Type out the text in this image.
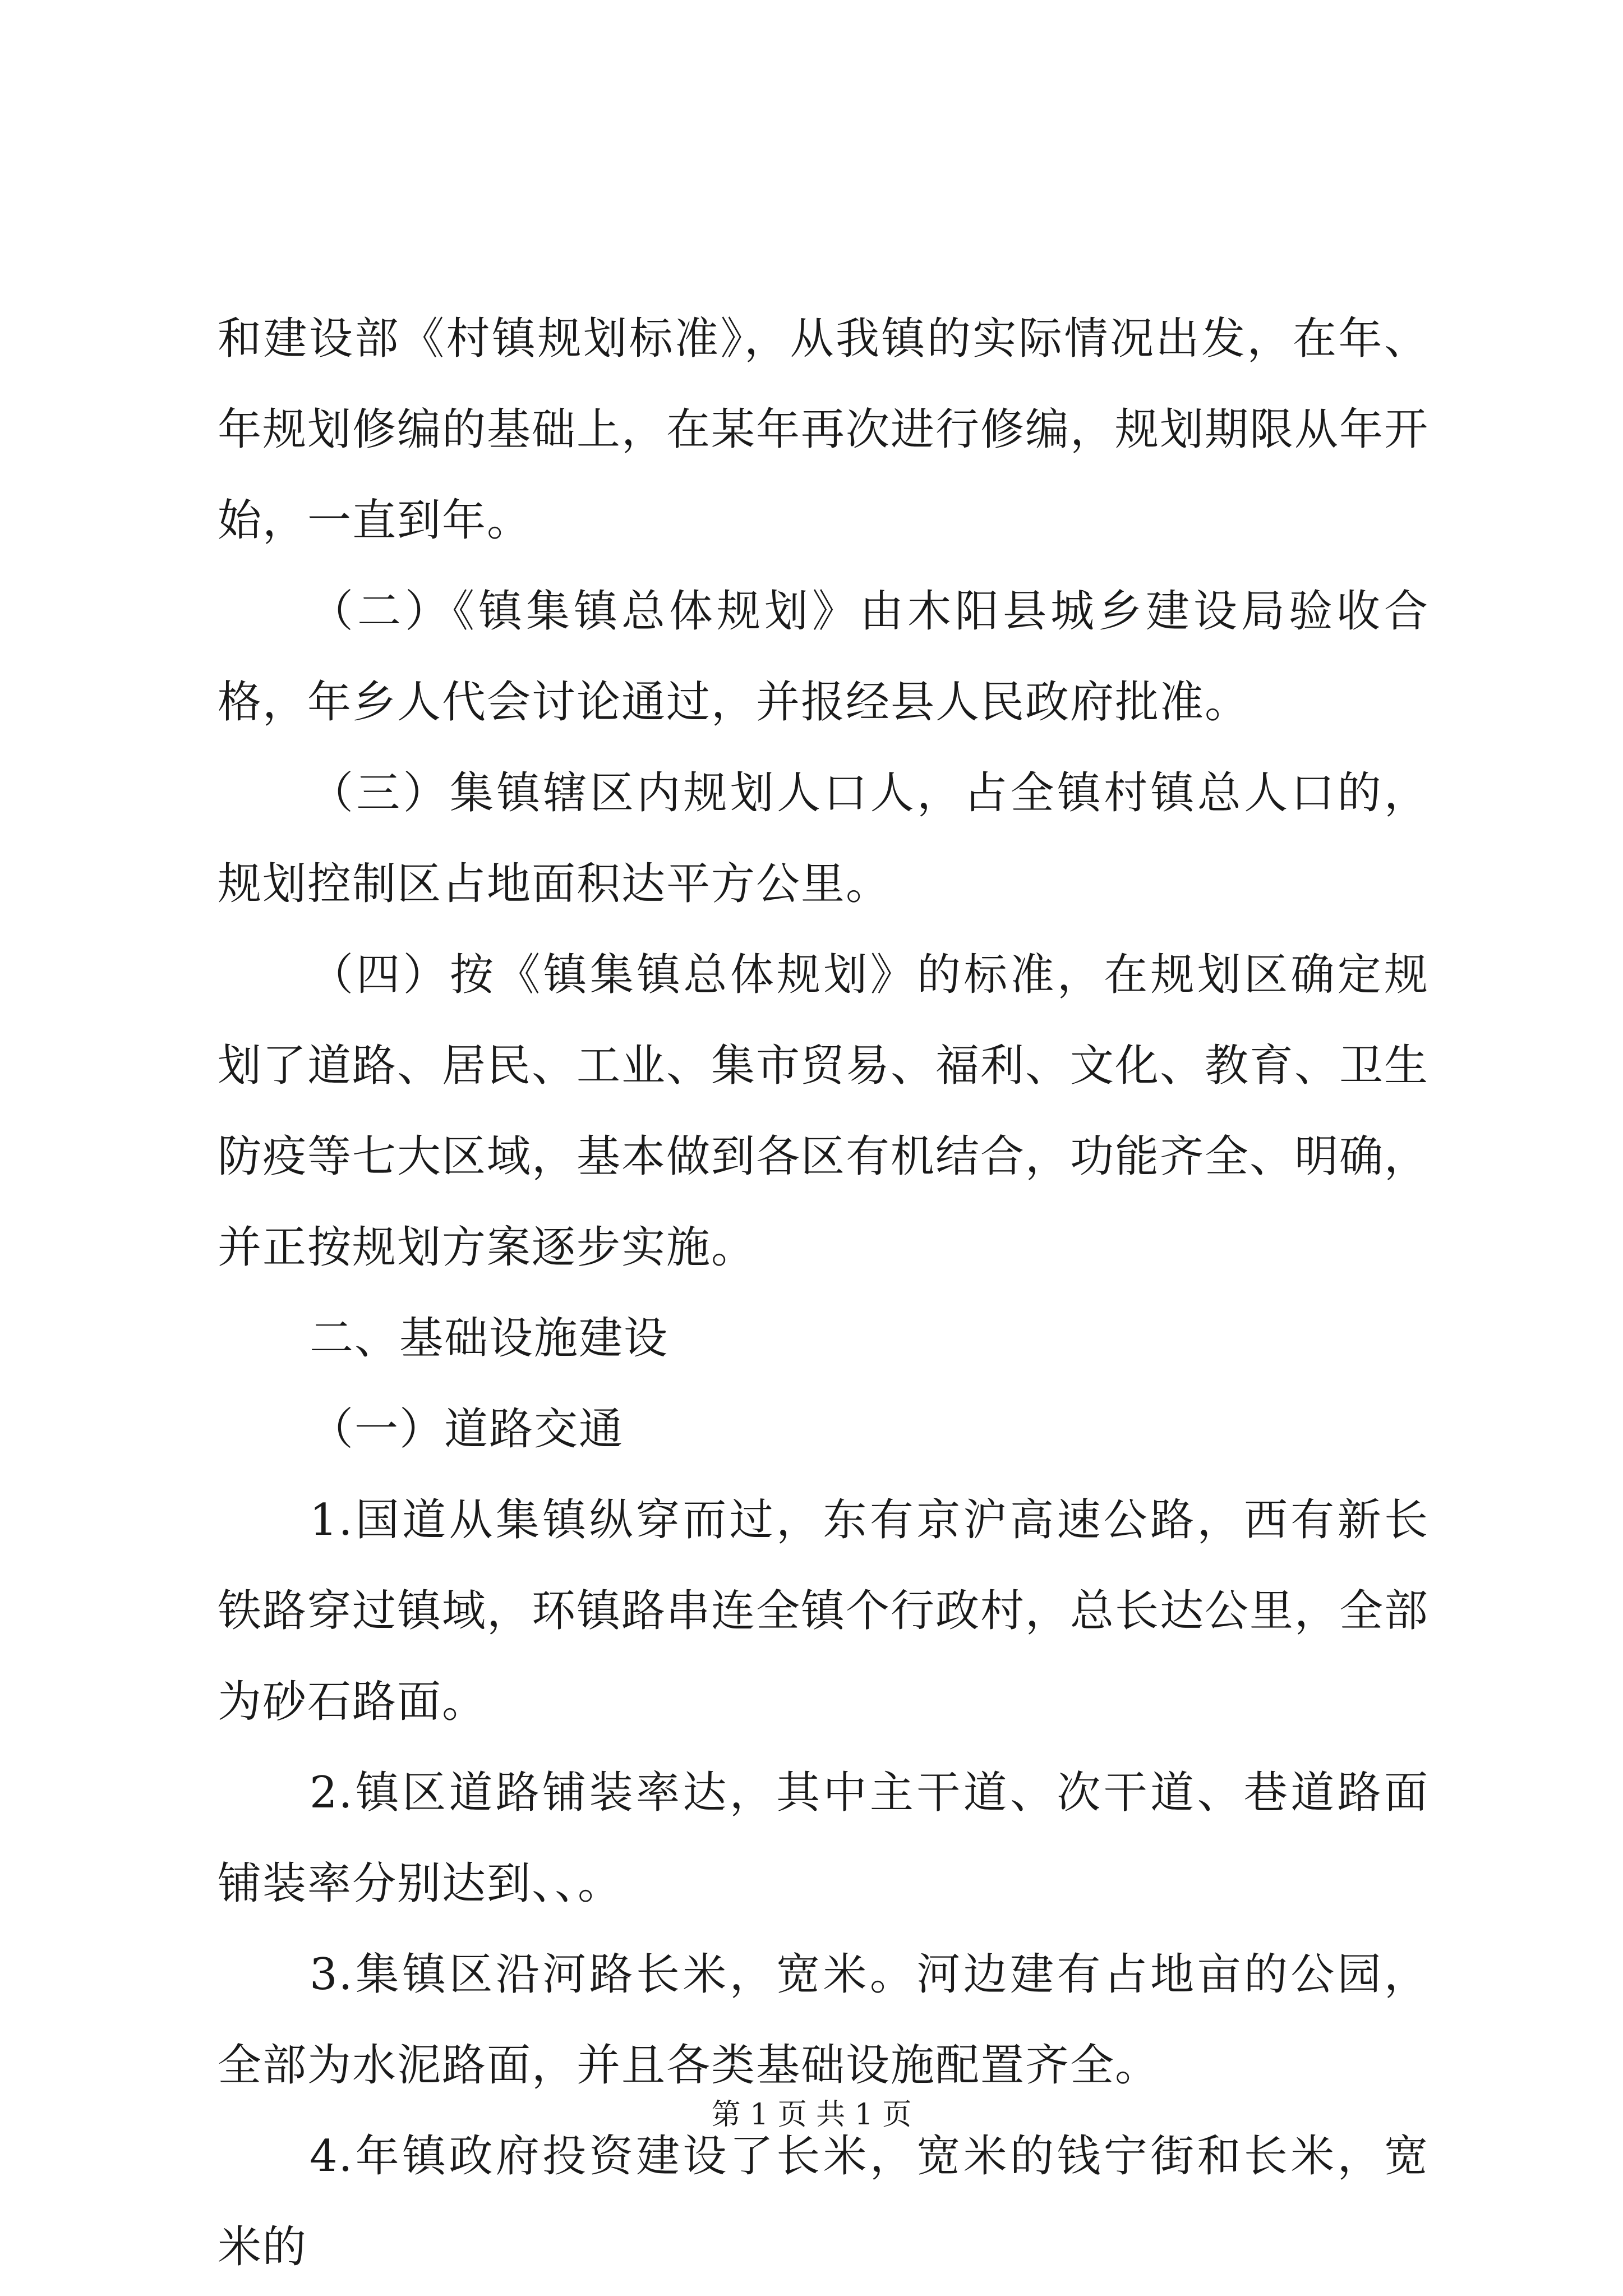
和建设部《村镇规划标准》，从我镇的实际情况出发，在年、年规划修编的基础上，在某年再次进行修编，规划期限从年开始，一直到年。

（二）《镇集镇总体规划》由木阳县城乡建设局验收合格，年乡人代会讨论通过，并报经县人民政府批准。

（三）集镇辖区内规划人口人，占全镇村镇总人口的，规划控制区占地面积达平方公里。

（四）按《镇集镇总体规划》的标准，在规划区确定规划了道路、居民、工业、集市贸易、福利、文化、教育、卫生防疫等七大区域，基本做到各区有机结合，功能齐全、明确，并正按规划方案逐步实施。

二、基础设施建设

（一）道路交通

1.国道从集镇纵穿而过，东有京沪高速公路，西有新长铁路穿过镇域，环镇路串连全镇个行政村，总长达公里，全部为砂石路面。

2.镇区道路铺装率达，其中主干道、次干道、巷道路面铺装率分别达到、、。

3.集镇区沿河路长米，宽米。河边建有占地亩的公园，全部为水泥路面，并且各类基础设施配置齐全。

4.年镇政府投资建设了长米，宽米的钱宁街和长米，宽米的

第 1 页 共 1 页
